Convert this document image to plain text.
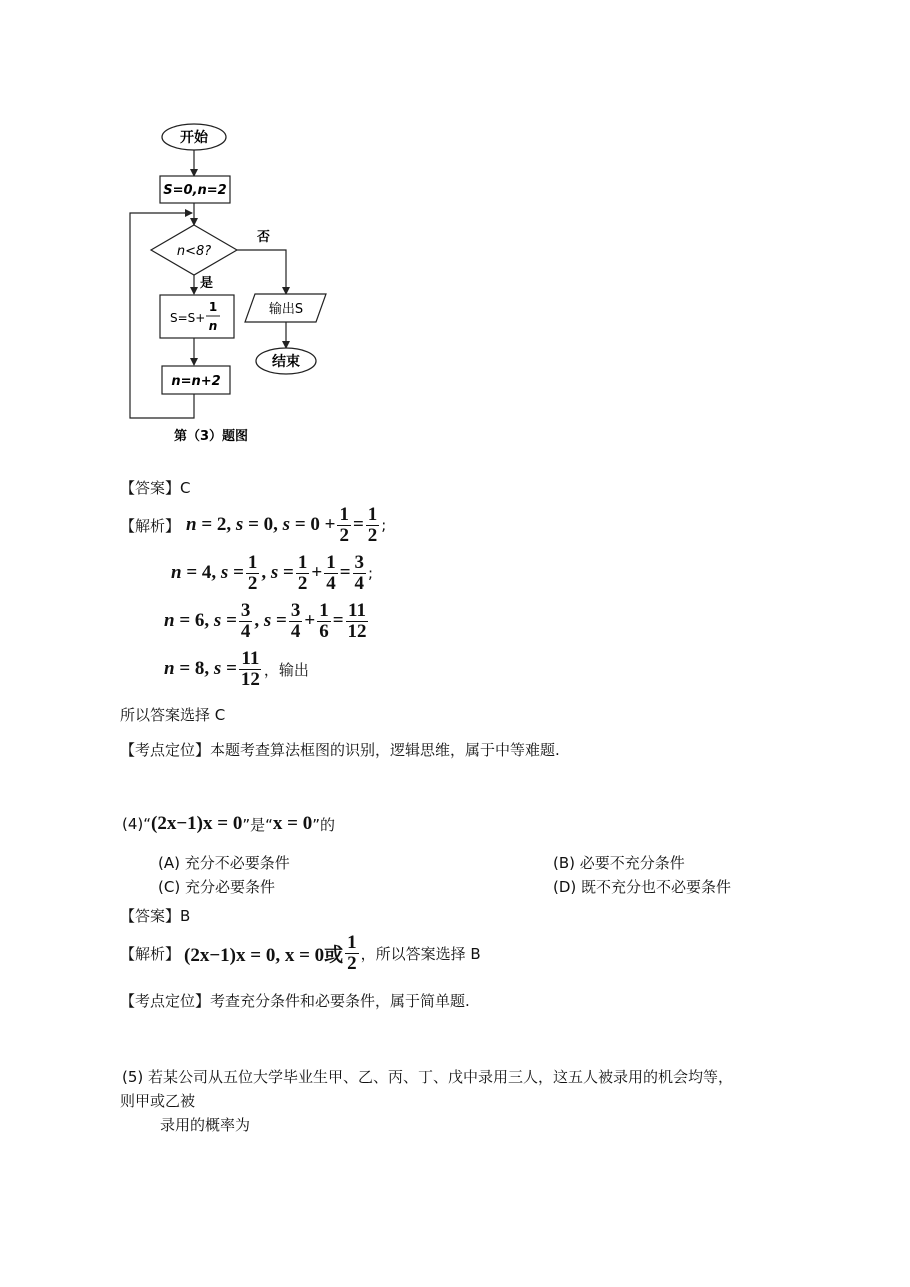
开始
S=0,n=2
n<8?
否
是
S=S+
1
n
n=n+2
输出S
结束
第（3）题图
【答案】C
【解析】 n = 2, s = 0, $s = 0 + \frac{1}{2} = \frac{1}{2}$ ;
n = 4, $s = \frac{1}{2}$ , $s = \frac{1}{2} + \frac{1}{4} = \frac{3}{4}$ ;
n = 6, $s = \frac{3}{4}$ , $s = \frac{3}{4} + \frac{1}{6} = \frac{11}{12}$
n = 8, $s = \frac{11}{12}$ ，输出
所以答案选择 C
【考点定位】本题考查算法框图的识别，逻辑思维，属于中等难题.
(4)“ (2x−1)x = 0 ”是“ x = 0 ”的
(A) 充分不必要条件	(B) 必要不充分条件
(C) 充分必要条件	(D) 既不充分也不必要条件
【答案】B
【解析】 (2x−1)x = 0, x = 0或 $\frac{1}{2}$ ，所以答案选择 B
【考点定位】考查充分条件和必要条件，属于简单题.
(5) 若某公司从五位大学毕业生甲、乙、丙、丁、戊中录用三人，这五人被录用的机会均等，
则甲或乙被
录用的概率为
